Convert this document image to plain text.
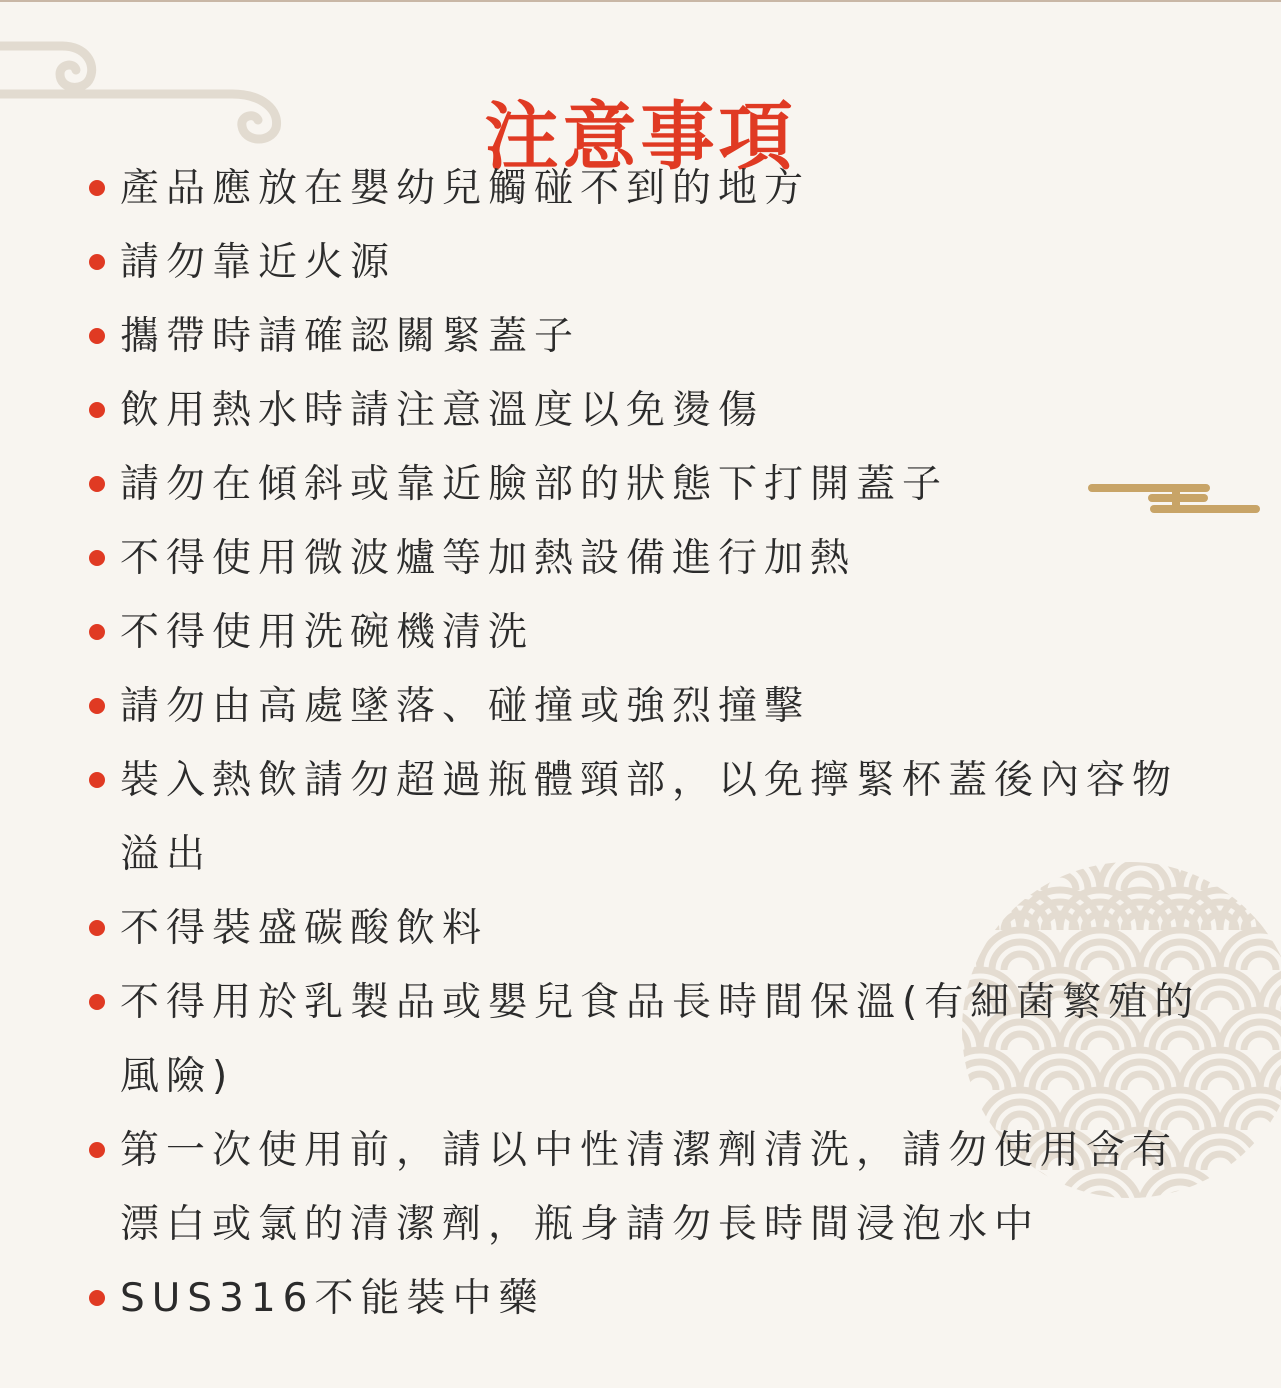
注意事項
產品應放在嬰幼兒觸碰不到的地方
請勿靠近火源
攜帶時請確認關緊蓋子
飲用熱水時請注意溫度以免燙傷
請勿在傾斜或靠近臉部的狀態下打開蓋子
不得使用微波爐等加熱設備進行加熱
不得使用洗碗機清洗
請勿由高處墜落、碰撞或強烈撞擊
裝入熱飲請勿超過瓶體頸部，以免擰緊杯蓋後內容物溢出
不得裝盛碳酸飲料
不得用於乳製品或嬰兒食品長時間保溫(有細菌繁殖的風險)
第一次使用前，請以中性清潔劑清洗，請勿使用含有漂白或氯的清潔劑，瓶身請勿長時間浸泡水中
SUS316不能裝中藥
